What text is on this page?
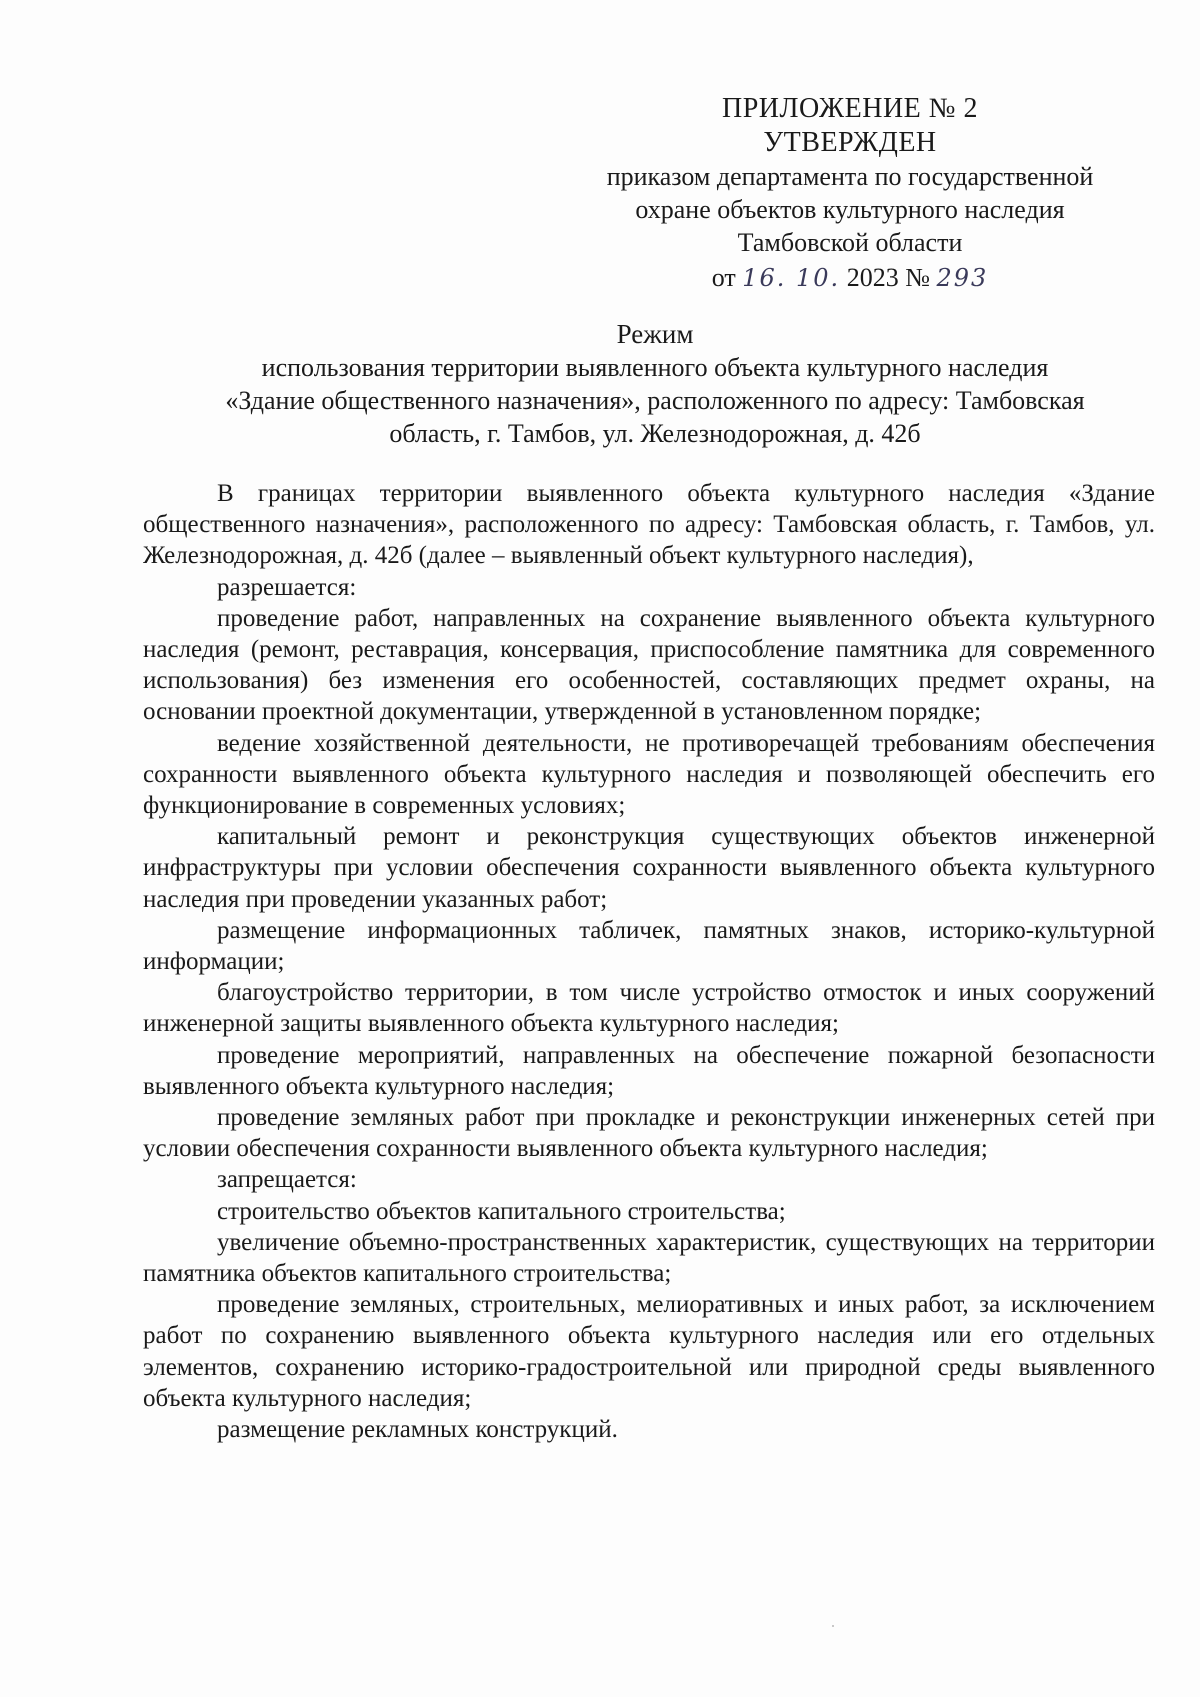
ПРИЛОЖЕНИЕ № 2
УТВЕРЖДЕН
приказом департамента по государственной
охране объектов культурного наследия
Тамбовской области
от 16. 10. 2023 № 293
Режим
использования территории выявленного объекта культурного наследия
«Здание общественного назначения», расположенного по адресу: Тамбовская
область, г. Тамбов, ул. Железнодорожная, д. 42б

В границах территории выявленного объекта культурного наследия «Здание общественного назначения», расположенного по адресу: Тамбовская область, г. Тамбов, ул. Железнодорожная, д. 42б (далее – выявленный объект культурного наследия),

разрешается:

проведение работ, направленных на сохранение выявленного объекта культурного наследия (ремонт, реставрация, консервация, приспособление памятника для современного использования) без изменения его особенностей, составляющих предмет охраны, на основании проектной документации, утвержденной в установленном порядке;

ведение хозяйственной деятельности, не противоречащей требованиям обеспечения сохранности выявленного объекта культурного наследия и позволяющей обеспечить его функционирование в современных условиях;

капитальный ремонт и реконструкция существующих объектов инженерной инфраструктуры при условии обеспечения сохранности выявленного объекта культурного наследия при проведении указанных работ;

размещение информационных табличек, памятных знаков, историко-культурной информации;

благоустройство территории, в том числе устройство отмосток и иных сооружений инженерной защиты выявленного объекта культурного наследия;

проведение мероприятий, направленных на обеспечение пожарной безопасности выявленного объекта культурного наследия;

проведение земляных работ при прокладке и реконструкции инженерных сетей при условии обеспечения сохранности выявленного объекта культурного наследия;

запрещается:

строительство объектов капитального строительства;

увеличение объемно-пространственных характеристик, существующих на территории памятника объектов капитального строительства;

проведение земляных, строительных, мелиоративных и иных работ, за исключением работ по сохранению выявленного объекта культурного наследия или его отдельных элементов, сохранению историко-градостроительной или природной среды выявленного объекта культурного наследия;

размещение рекламных конструкций.
